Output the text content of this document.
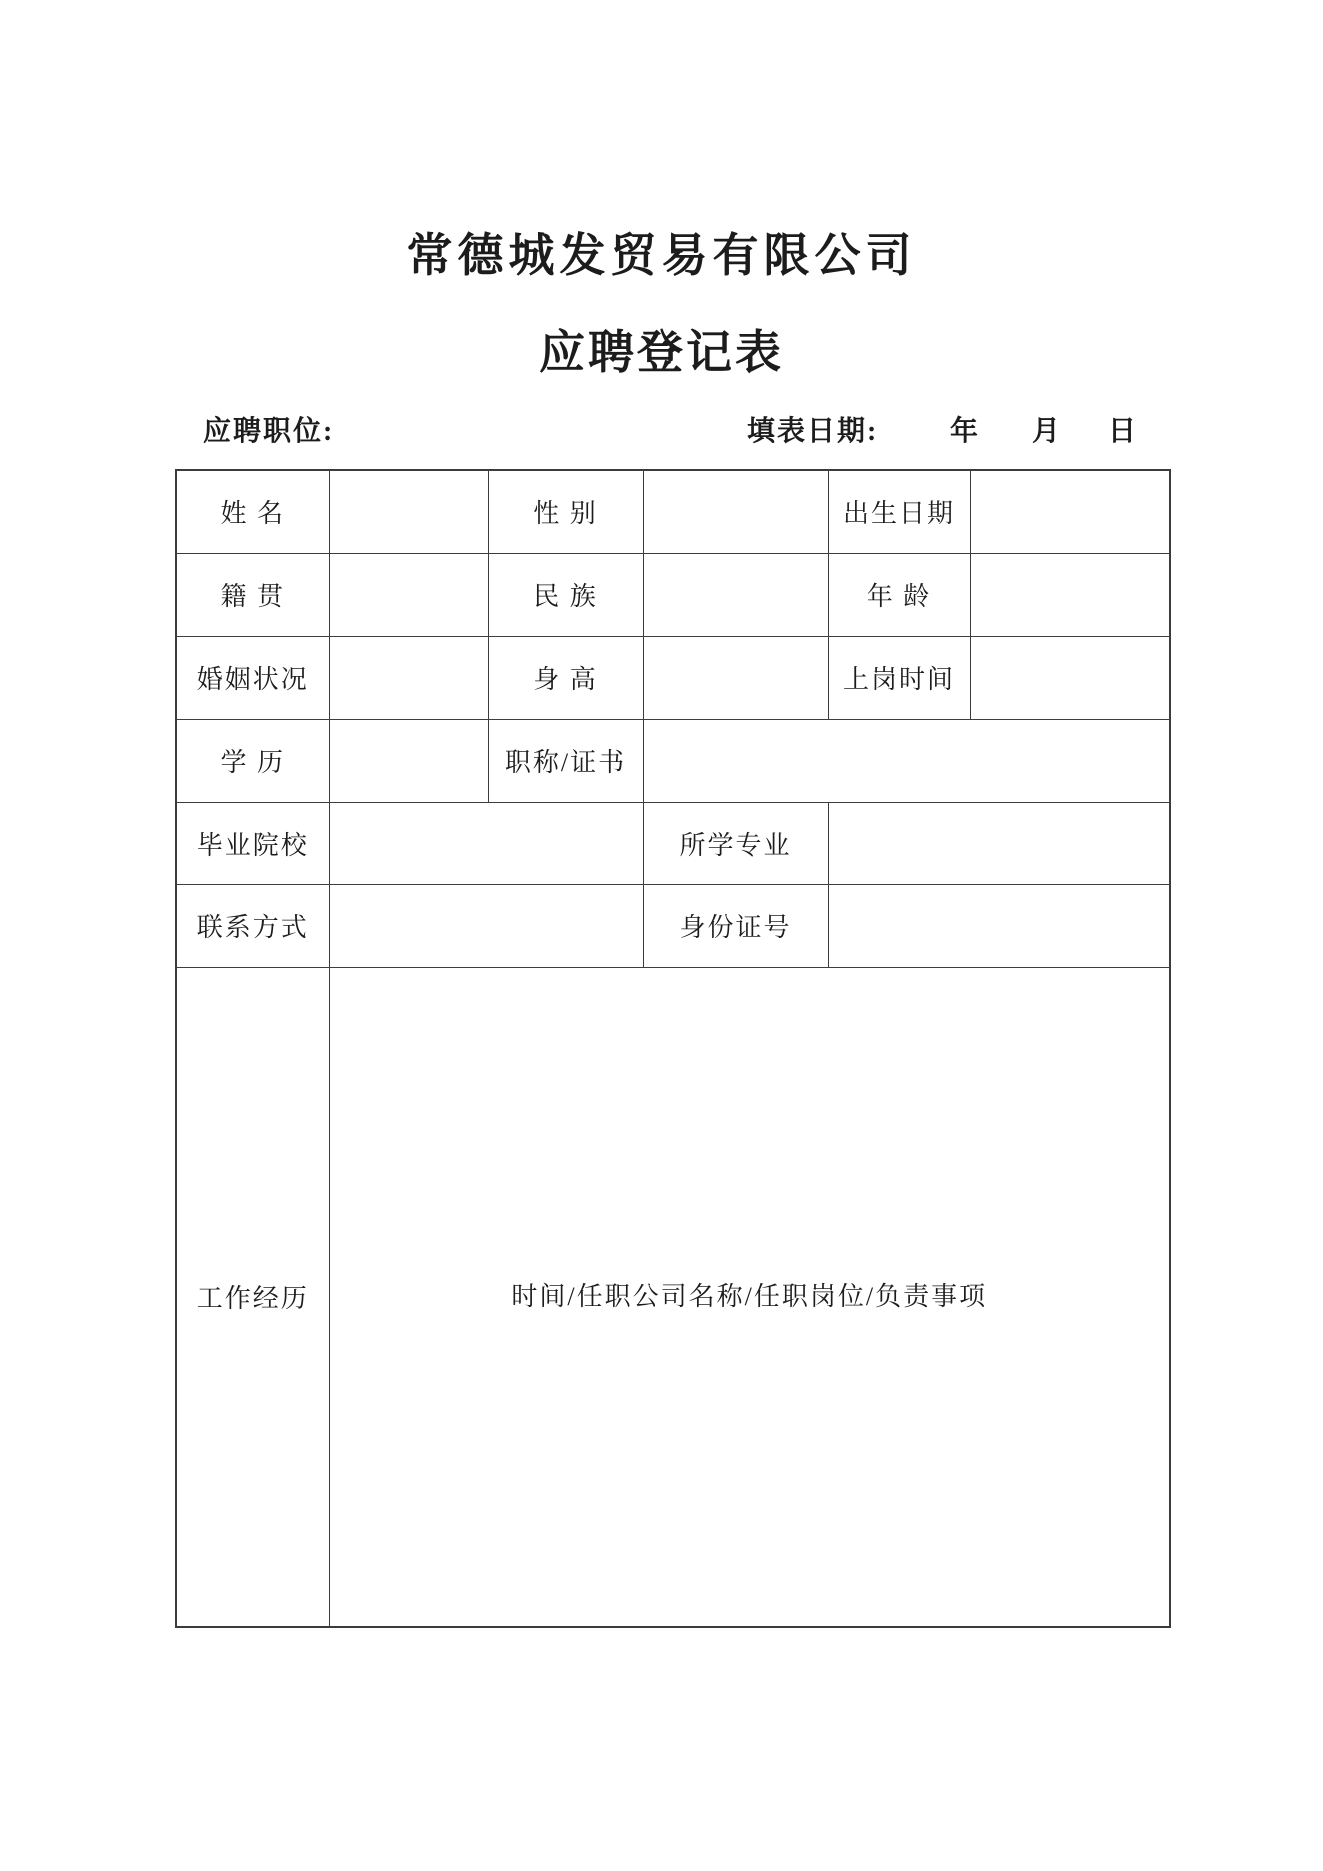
常德城发贸易有限公司
应聘登记表
应聘职位:	填表日期:	年 月 日
姓 名		性 别		出生日期	
籍 贯		民 族		年 龄	
婚姻状况		身 高		上岗时间	
学 历		职称/证书			
毕业院校			所学专业		
联系方式			身份证号		
工作经历	时间/任职公司名称/任职岗位/负责事项				
